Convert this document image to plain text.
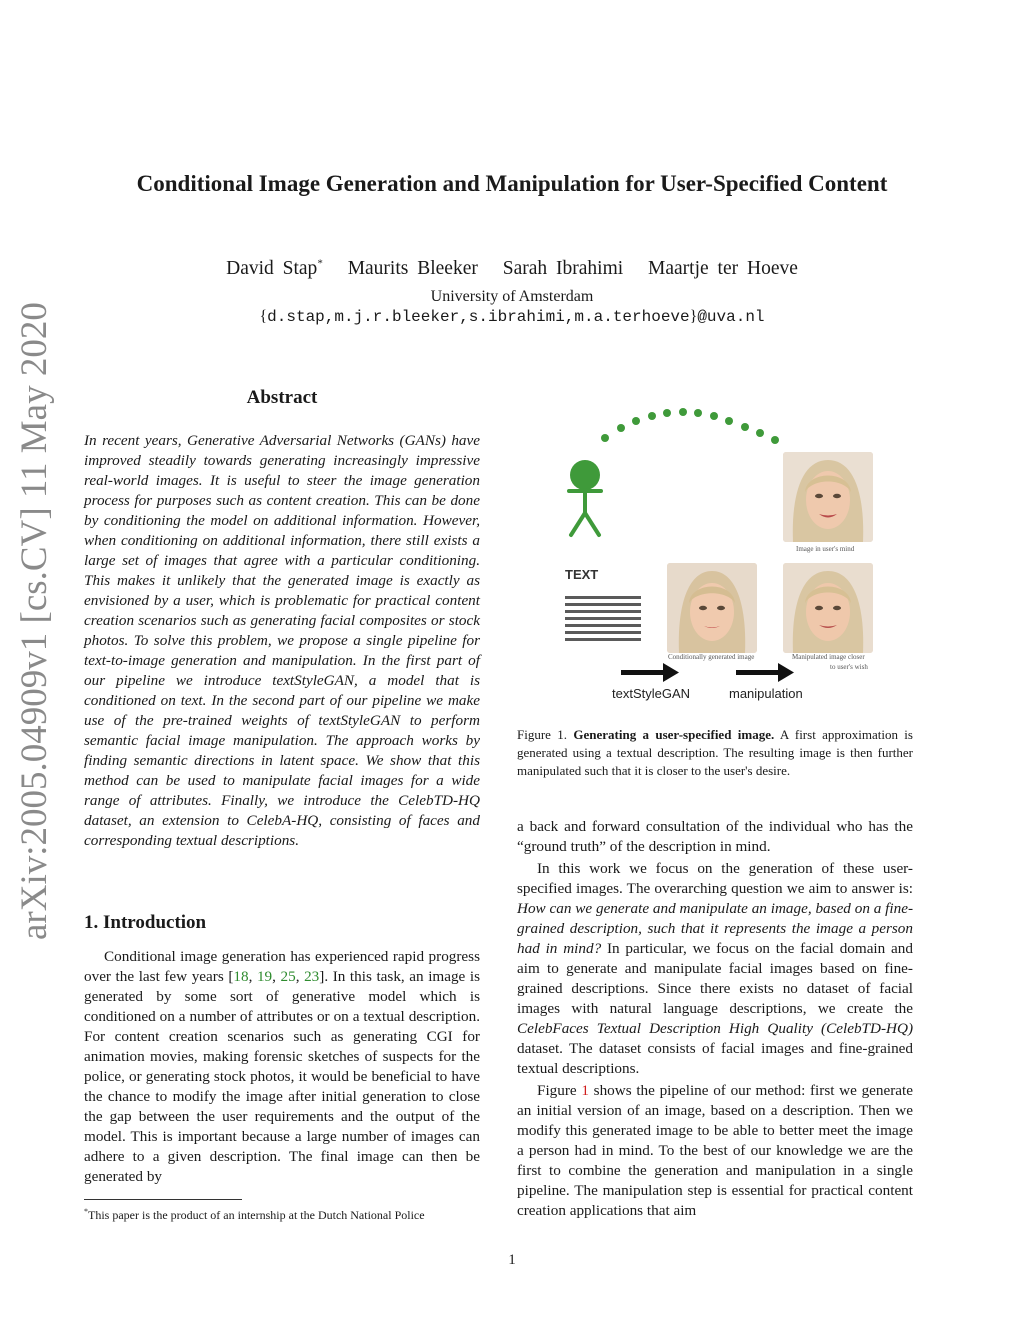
arXiv:2005.04909v1 [cs.CV] 11 May 2020
Conditional Image Generation and Manipulation for User-Specified Content
David Stap* Maurits Bleeker Sarah Ibrahimi Maartje ter Hoeve
University of Amsterdam
{d.stap,m.j.r.bleeker,s.ibrahimi,m.a.terhoeve}@uva.nl
Abstract
In recent years, Generative Adversarial Networks (GANs) have improved steadily towards generating increasingly impressive real-world images. It is useful to steer the image generation process for purposes such as content creation. This can be done by conditioning the model on additional information. However, when conditioning on additional information, there still exists a large set of images that agree with a particular conditioning. This makes it unlikely that the generated image is exactly as envisioned by a user, which is problematic for practical content creation scenarios such as generating facial composites or stock photos. To solve this problem, we propose a single pipeline for text-to-image generation and manipulation. In the first part of our pipeline we introduce textStyleGAN, a model that is conditioned on text. In the second part of our pipeline we make use of the pre-trained weights of textStyleGAN to perform semantic facial image manipulation. The approach works by finding semantic directions in latent space. We show that this method can be used to manipulate facial images for a wide range of attributes. Finally, we introduce the CelebTD-HQ dataset, an extension to CelebA-HQ, consisting of faces and corresponding textual descriptions.
1. Introduction
Conditional image generation has experienced rapid progress over the last few years [18, 19, 25, 23]. In this task, an image is generated by some sort of generative model which is conditioned on a number of attributes or on a textual description. For content creation scenarios such as generating CGI for animation movies, making forensic sketches of suspects for the police, or generating stock photos, it would be beneficial to have the chance to modify the image after initial generation to close the gap between the user requirements and the output of the model. This is important because a large number of images can adhere to a given description. The final image can then be generated by
*This paper is the product of an internship at the Dutch National Police
TEXT
Image in user's mind
Conditionally generated image	Manipulated image closer
to user's wish
textStyleGAN	manipulation
Figure 1. Generating a user-specified image. A first approximation is generated using a textual description. The resulting image is then further manipulated such that it is closer to the user's desire.

a back and forward consultation of the individual who has the “ground truth” of the description in mind.

In this work we focus on the generation of these user-specified images. The overarching question we aim to answer is: How can we generate and manipulate an image, based on a fine-grained description, such that it represents the image a person had in mind? In particular, we focus on the facial domain and aim to generate and manipulate facial images based on fine-grained descriptions. Since there exists no dataset of facial images with natural language descriptions, we create the CelebFaces Textual Description High Quality (CelebTD-HQ) dataset. The dataset consists of facial images and fine-grained textual descriptions.

Figure 1 shows the pipeline of our method: first we generate an initial version of an image, based on a description. Then we modify this generated image to be able to better meet the image a person had in mind. To the best of our knowledge we are the first to combine the generation and manipulation in a single pipeline. The manipulation step is essential for practical content creation applications that aim

1
